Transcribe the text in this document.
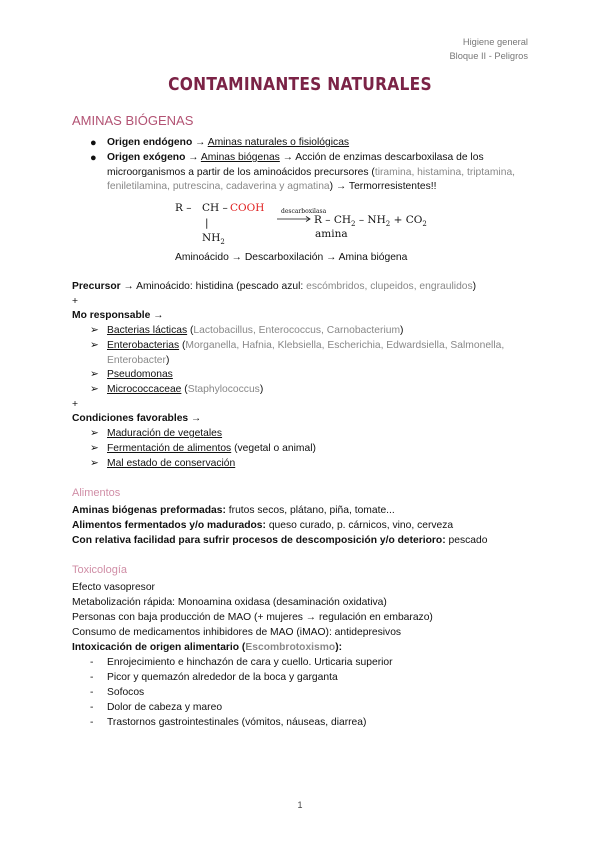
Higiene general
Bloque II - Peligros
CONTAMINANTES NATURALES
AMINAS BIÓGENAS
● Origen endógeno → Aminas naturales o fisiológicas
● Origen exógeno → Aminas biógenas → Acción de enzimas descarboxilasa de los microorganismos a partir de los aminoácidos precursores (tiramina, histamina, triptamina, feniletilamina, putrescina, cadaverina y agmatina) → Termorresistentes!!
R – CH – COOH
|
$NH_2$
descarboxilasa
$R - CH_2 - NH_2 + CO_2$
amina
Aminoácido → Descarboxilación → Amina biógena
Precursor → Aminoácido: histidina (pescado azul: escómbridos, clupeidos, engraulidos)
+
Mo responsable →
➢ Bacterias lácticas (Lactobacillus, Enterococcus, Carnobacterium)
➢ Enterobacterias (Morganella, Hafnia, Klebsiella, Escherichia, Edwardsiella, Salmonella, Enterobacter)
➢ Pseudomonas
➢ Micrococcaceae (Staphylococcus)
+
Condiciones favorables →
➢ Maduración de vegetales
➢ Fermentación de alimentos (vegetal o animal)
➢ Mal estado de conservación
Alimentos
Aminas biógenas preformadas: frutos secos, plátano, piña, tomate...
Alimentos fermentados y/o madurados: queso curado, p. cárnicos, vino, cerveza
Con relativa facilidad para sufrir procesos de descomposición y/o deterioro: pescado
Toxicología
Efecto vasopresor
Metabolización rápida: Monoamina oxidasa (desaminación oxidativa)
Personas con baja producción de MAO (+ mujeres → regulación en embarazo)
Consumo de medicamentos inhibidores de MAO (iMAO): antidepresivos
Intoxicación de origen alimentario (Escombrotoxismo):
- Enrojecimiento e hinchazón de cara y cuello. Urticaria superior
- Picor y quemazón alrededor de la boca y garganta
- Sofocos
- Dolor de cabeza y mareo
- Trastornos gastrointestinales (vómitos, náuseas, diarrea)
1
